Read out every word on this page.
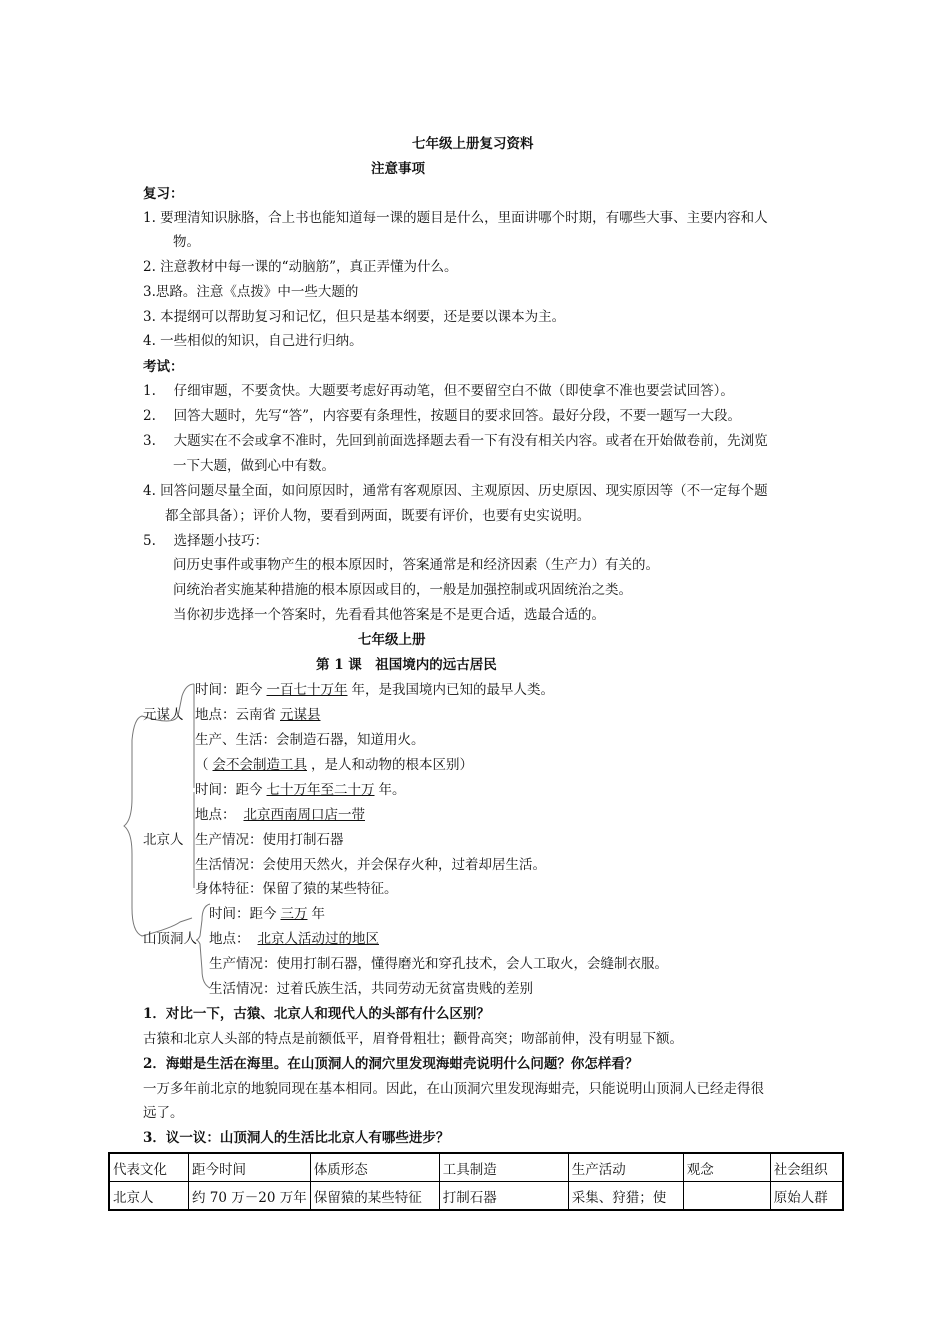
七年级上册复习资料
注意事项
复习：
1. 要理清知识脉胳，合上书也能知道每一课的题目是什么，里面讲哪个时期，有哪些大事、主要内容和人
物。
2. 注意教材中每一课的“动脑筋”，真正弄懂为什么。
3.思路。注意《点拨》中一些大题的
3. 本提纲可以帮助复习和记忆，但只是基本纲要，还是要以课本为主。
4. 一些相似的知识，自己进行归纳。
考试：
1.　 仔细审题，不要贪快。大题要考虑好再动笔，但不要留空白不做（即使拿不准也要尝试回答）。
2.　 回答大题时，先写“答”，内容要有条理性，按题目的要求回答。最好分段，不要一题写一大段。
3.　 大题实在不会或拿不准时，先回到前面选择题去看一下有没有相关内容。或者在开始做卷前，先浏览
一下大题，做到心中有数。
4. 回答问题尽量全面，如问原因时，通常有客观原因、主观原因、历史原因、现实原因等（不一定每个题
都全部具备）；评价人物，要看到两面，既要有评价，也要有史实说明。
5.　 选择题小技巧：
问历史事件或事物产生的根本原因时，答案通常是和经济因素（生产力）有关的。
问统治者实施某种措施的根本原因或目的，一般是加强控制或巩固统治之类。
当你初步选择一个答案时，先看看其他答案是不是更合适，选最合适的。
七年级上册
第 1 课　祖国境内的远古居民
元谋人
时间：距今 一百七十万年 年，是我国境内已知的最早人类。
地点：云南省 元谋县
生产、生活：会制造石器，知道用火。
（ 会不会制造工具 ，是人和动物的根本区别）
时间：距今 七十万年至二十万 年。
地点： 北京西南周口店一带
北京人 生产情况：使用打制石器
生活情况：会使用天然火，并会保存火种，过着却居生活。
身体特征：保留了猿的某些特征。
时间：距今 三万 年
山顶洞人 地点： 北京人活动过的地区
生产情况：使用打制石器，懂得磨光和穿孔技术，会人工取火，会缝制衣服。
生活情况：过着氏族生活，共同劳动无贫富贵贱的差别
1．对比一下，古猿、北京人和现代人的头部有什么区别？
古猿和北京人头部的特点是前额低平，眉脊骨粗壮；颧骨高突；吻部前伸，没有明显下额。
2．海蚶是生活在海里。在山顶洞人的洞穴里发现海蚶壳说明什么问题？你怎样看？
一万多年前北京的地貌同现在基本相同。因此，在山顶洞穴里发现海蚶壳，只能说明山顶洞人已经走得很
远了。
3．议一议：山顶洞人的生活比北京人有哪些进步？
代表文化	距今时间	体质形态	工具制造	生产活动	观念	社会组织
北京人	约 70 万－20 万年	保留猿的某些特征	打制石器	采集、狩猎；使		原始人群
